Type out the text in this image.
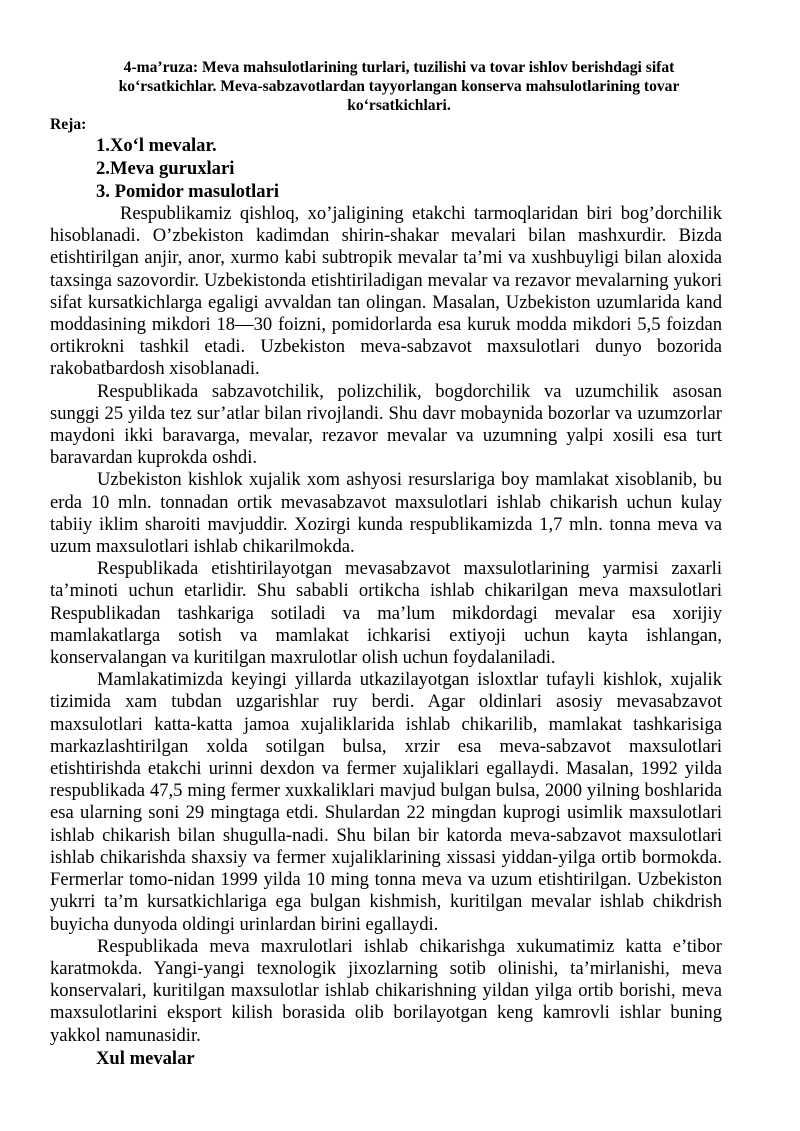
4-ma’ruza: Meva mahsulotlarining turlari, tuzilishi va tovar ishlov berishdagi sifat ko‘rsatkichlar. Meva-sabzavotlardan tayyorlangan konserva mahsulotlarining tovar ko‘rsatkichlari.
Reja:
1.Xo‘l mevalar.
2.Meva guruxlari
3. Pomidor masulotlari

Respublikamiz qishloq, xo’jaligining etakchi tarmoqlaridan biri bog’dorchilik hisoblanadi. O’zbekiston kadimdan shirin-shakar mevalari bilan mashxurdir. Bizda etishtirilgan anjir, anor, xurmo kabi subtropik mevalar ta’mi va xushbuyligi bilan aloxida taxsinga sazovordir. Uzbekistonda etishtiriladigan mevalar va rezavor mevalarning yukori sifat kursatkichlarga egaligi avvaldan tan olingan. Masalan, Uzbekiston uzumlarida kand moddasining mikdori 18—30 foizni, pomidorlarda esa kuruk modda mikdori 5,5 foizdan ortikrokni tashkil etadi. Uzbekiston meva-sabzavot maxsulotlari dunyo bozorida rakobatbardosh xisoblanadi.

Respublikada sabzavotchilik, polizchilik, bogdorchilik va uzumchilik asosan sunggi 25 yilda tez sur’atlar bilan rivojlandi. Shu davr mobaynida bozorlar va uzumzorlar maydoni ikki baravarga, mevalar, rezavor mevalar va uzumning yalpi xosili esa turt baravardan kuprokda oshdi.

Uzbekiston kishlok xujalik xom ashyosi resurslariga boy mamlakat xisoblanib, bu erda 10 mln. tonnadan ortik mevasabzavot maxsulotlari ishlab chikarish uchun kulay tabiiy iklim sharoiti mavjuddir. Xozirgi kunda respublikamizda 1,7 mln. tonna meva va uzum maxsulotlari ishlab chikarilmokda.

Respublikada etishtirilayotgan mevasabzavot maxsulotlarining yarmisi zaxarli ta’minoti uchun etarlidir. Shu sababli ortikcha ishlab chikarilgan meva maxsulotlari Respublikadan tashkariga sotiladi va ma’lum mikdordagi mevalar esa xorijiy mamlakatlarga sotish va mamlakat ichkarisi extiyoji uchun kayta ishlangan, konservalangan va kuritilgan maxrulotlar olish uchun foydalaniladi.

Mamlakatimizda keyingi yillarda utkazilayotgan isloxtlar tufayli kishlok, xujalik tizimida xam tubdan uzgarishlar ruy berdi. Agar oldinlari asosiy mevasabzavot maxsulotlari katta-katta jamoa xujaliklarida ishlab chikarilib, mamlakat tashkarisiga markazlashtirilgan xolda sotilgan bulsa, xrzir esa meva-sabzavot maxsulotlari etishtirishda etakchi urinni dexdon va fermer xujaliklari egallaydi. Masalan, 1992 yilda respublikada 47,5 ming fermer xuxkaliklari mavjud bulgan bulsa, 2000 yilning boshlarida esa ularning soni 29 mingtaga etdi. Shulardan 22 mingdan kuprogi usimlik maxsulotlari ishlab chikarish bilan shugulla-nadi. Shu bilan bir katorda meva-sabzavot maxsulotlari ishlab chikarishda shaxsiy va fermer xujaliklarining xissasi yiddan-yilga ortib bormokda. Fermerlar tomo-nidan 1999 yilda 10 ming tonna meva va uzum etishtirilgan. Uzbekiston yukrri ta’m kursatkichlariga ega bulgan kishmish, kuritilgan mevalar ishlab chikdrish buyicha dunyoda oldingi urinlardan birini egallaydi.

Respublikada meva maxrulotlari ishlab chikarishga xukumatimiz katta e’tibor karatmokda. Yangi-yangi texnologik jixozlarning sotib olinishi, ta’mirlanishi, meva konservalari, kuritilgan maxsulotlar ishlab chikarishning yildan yilga ortib borishi, meva maxsulotlarini eksport kilish borasida olib borilayotgan keng kamrovli ishlar buning yakkol namunasidir.

Xul mevalar
